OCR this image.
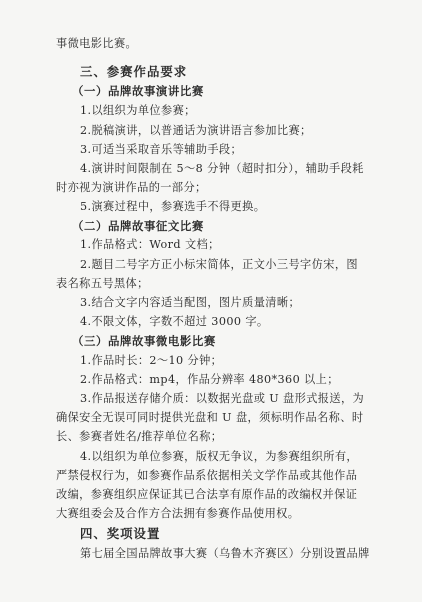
事微电影比赛。
三、参赛作品要求
（一）品牌故事演讲比赛
1.以组织为单位参赛；
2.脱稿演讲，以普通话为演讲语言参加比赛；
3.可适当采取音乐等辅助手段；
4.演讲时间限制在 5～8 分钟（超时扣分），辅助手段耗
时亦视为演讲作品的一部分；
5.演赛过程中，参赛选手不得更换。
（二）品牌故事征文比赛
1.作品格式：Word 文档；
2.题目二号字方正小标宋简体，正文小三号字仿宋，图
表名称五号黑体；
3.结合文字内容适当配图，图片质量清晰；
4.不限文体，字数不超过 3000 字。
（三）品牌故事微电影比赛
1.作品时长：2～10 分钟；
2.作品格式：mp4，作品分辨率 480*360 以上；
3.作品报送存储介质：以数据光盘或 U 盘形式报送，为
确保安全无误可同时提供光盘和 U 盘，须标明作品名称、时
长、参赛者姓名/推荐单位名称；
4.以组织为单位参赛，版权无争议，为参赛组织所有，
严禁侵权行为，如参赛作品系依据相关文学作品或其他作品
改编，参赛组织应保证其已合法享有原作品的改编权并保证
大赛组委会及合作方合法拥有参赛作品使用权。
四、奖项设置
第七届全国品牌故事大赛（乌鲁木齐赛区）分别设置品牌
